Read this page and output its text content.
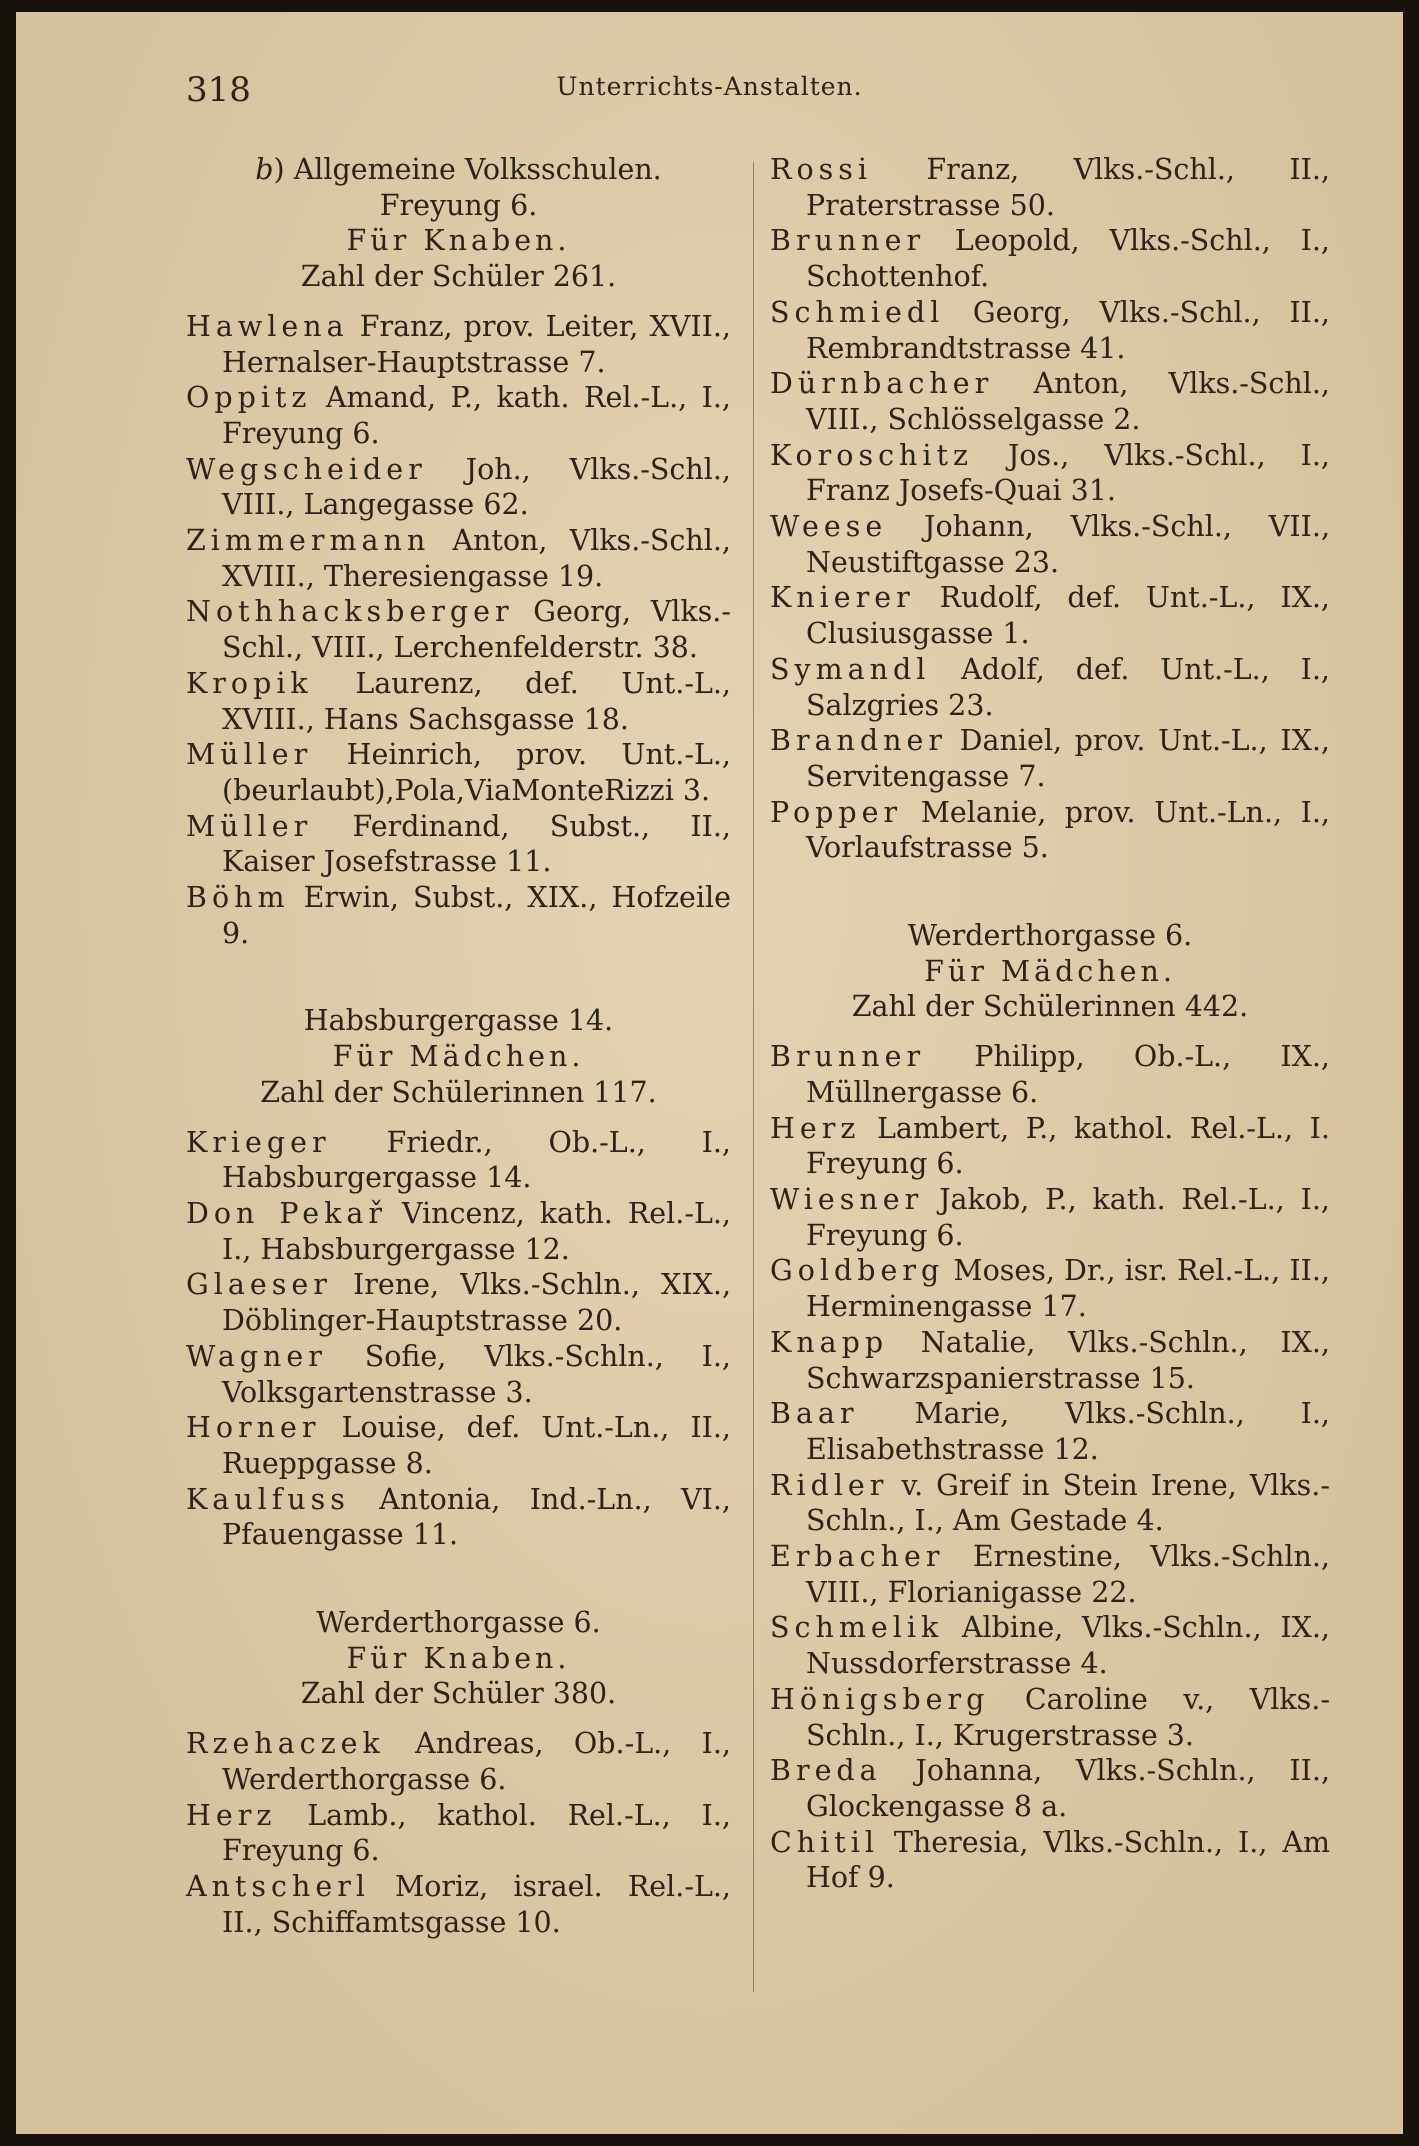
318	Unterrichts-Anstalten.
b) Allgemeine Volksschulen.
Freyung 6.
Für Knaben.
Zahl der Schüler 261.
Hawlena Franz, prov. Leiter, XVII., Hernalser-Hauptstrasse 7.
Oppitz Amand, P., kath. Rel.-L., I., Freyung 6.
Wegscheider Joh., Vlks.-Schl., VIII., Langegasse 62.
Zimmermann Anton, Vlks.-Schl., XVIII., Theresiengasse 19.
Nothhacksberger Georg, Vlks.-Schl., VIII., Lerchenfelderstr. 38.
Kropik Laurenz, def. Unt.-L., XVIII., Hans Sachsgasse 18.
Müller Heinrich, prov. Unt.-L., (beurlaubt),Pola,ViaMonteRizzi 3.
Müller Ferdinand, Subst., II., Kaiser Josefstrasse 11.
Böhm Erwin, Subst., XIX., Hofzeile 9.
Habsburgergasse 14.
Für Mädchen.
Zahl der Schülerinnen 117.
Krieger Friedr., Ob.-L., I., Habsburgergasse 14.
Don Pekař Vincenz, kath. Rel.-L., I., Habsburgergasse 12.
Glaeser Irene, Vlks.-Schln., XIX., Döblinger-Hauptstrasse 20.
Wagner Sofie, Vlks.-Schln., I., Volksgartenstrasse 3.
Horner Louise, def. Unt.-Ln., II., Rueppgasse 8.
Kaulfuss Antonia, Ind.-Ln., VI., Pfauengasse 11.
Werderthorgasse 6.
Für Knaben.
Zahl der Schüler 380.
Rzehaczek Andreas, Ob.-L., I., Werderthorgasse 6.
Herz Lamb., kathol. Rel.-L., I., Freyung 6.
Antscherl Moriz, israel. Rel.-L., II., Schiffamtsgasse 10.
Rossi Franz, Vlks.-Schl., II., Praterstrasse 50.
Brunner Leopold, Vlks.-Schl., I., Schottenhof.
Schmiedl Georg, Vlks.-Schl., II., Rembrandtstrasse 41.
Dürnbacher Anton, Vlks.-Schl., VIII., Schlösselgasse 2.
Koroschitz Jos., Vlks.-Schl., I., Franz Josefs-Quai 31.
Weese Johann, Vlks.-Schl., VII., Neustiftgasse 23.
Knierer Rudolf, def. Unt.-L., IX., Clusiusgasse 1.
Symandl Adolf, def. Unt.-L., I., Salzgries 23.
Brandner Daniel, prov. Unt.-L., IX., Servitengasse 7.
Popper Melanie, prov. Unt.-Ln., I., Vorlaufstrasse 5.
Werderthorgasse 6.
Für Mädchen.
Zahl der Schülerinnen 442.
Brunner Philipp, Ob.-L., IX., Müllnergasse 6.
Herz Lambert, P., kathol. Rel.-L., I. Freyung 6.
Wiesner Jakob, P., kath. Rel.-L., I., Freyung 6.
Goldberg Moses, Dr., isr. Rel.-L., II., Herminengasse 17.
Knapp Natalie, Vlks.-Schln., IX., Schwarzspanierstrasse 15.
Baar Marie, Vlks.-Schln., I., Elisabethstrasse 12.
Ridler v. Greif in Stein Irene, Vlks.-Schln., I., Am Gestade 4.
Erbacher Ernestine, Vlks.-Schln., VIII., Florianigasse 22.
Schmelik Albine, Vlks.-Schln., IX., Nussdorferstrasse 4.
Hönigsberg Caroline v., Vlks.-Schln., I., Krugerstrasse 3.
Breda Johanna, Vlks.-Schln., II., Glockengasse 8 a.
Chitil Theresia, Vlks.-Schln., I., Am Hof 9.
